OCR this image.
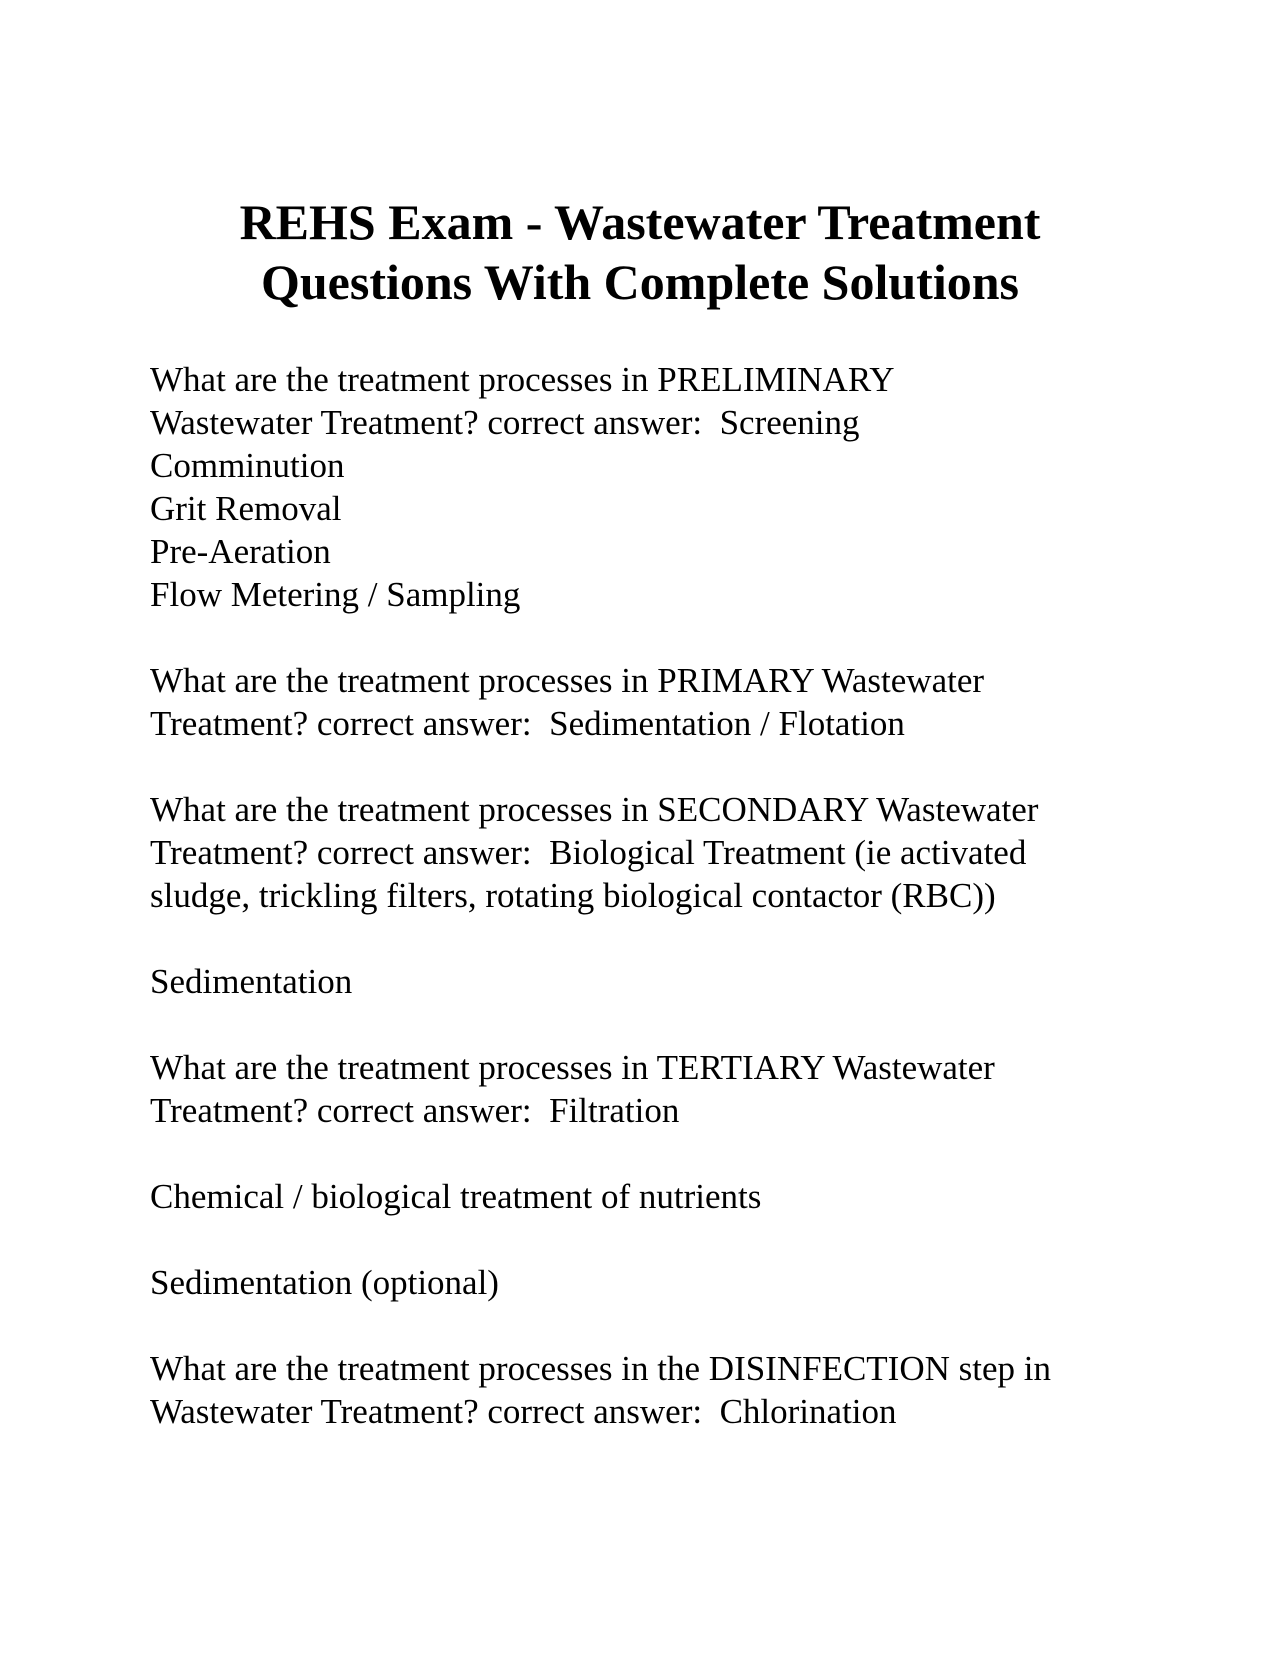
REHS Exam - Wastewater Treatment
Questions With Complete Solutions

What are the treatment processes in PRELIMINARY
Wastewater Treatment? correct answer:  Screening
Comminution
Grit Removal
Pre-Aeration
Flow Metering / Sampling

What are the treatment processes in PRIMARY Wastewater
Treatment? correct answer:  Sedimentation / Flotation

What are the treatment processes in SECONDARY Wastewater
Treatment? correct answer:  Biological Treatment (ie activated
sludge, trickling filters, rotating biological contactor (RBC))

Sedimentation

What are the treatment processes in TERTIARY Wastewater
Treatment? correct answer:  Filtration

Chemical / biological treatment of nutrients

Sedimentation (optional)

What are the treatment processes in the DISINFECTION step in
Wastewater Treatment? correct answer:  Chlorination
